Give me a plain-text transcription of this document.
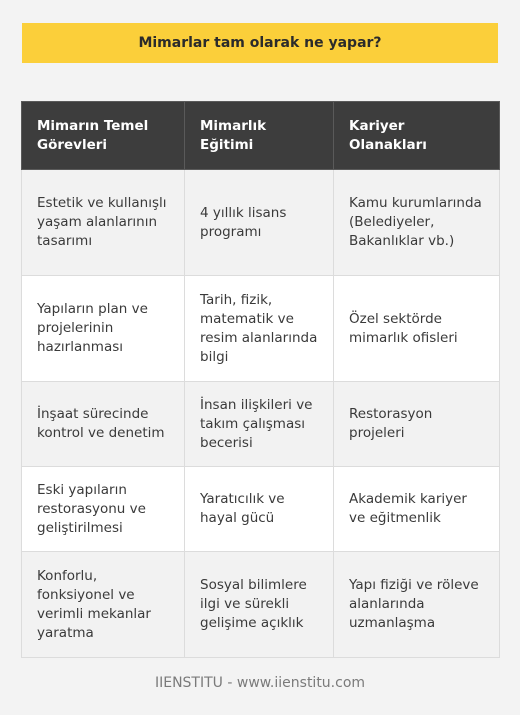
Mimarlar tam olarak ne yapar?
Mimarın Temel Görevleri	Mimarlık Eğitimi	Kariyer Olanakları
Estetik ve kullanışlı yaşam alanlarının tasarımı	4 yıllık lisans programı	Kamu kurumlarında (Belediyeler, Bakanlıklar vb.)
Yapıların plan ve projelerinin hazırlanması	Tarih, fizik, matematik ve resim alanlarında bilgi	Özel sektörde mimarlık ofisleri
İnşaat sürecinde kontrol ve denetim	İnsan ilişkileri ve takım çalışması becerisi	Restorasyon projeleri
Eski yapıların restorasyonu ve geliştirilmesi	Yaratıcılık ve hayal gücü	Akademik kariyer ve eğitmenlik
Konforlu, fonksiyonel ve verimli mekanlar yaratma	Sosyal bilimlere ilgi ve sürekli gelişime açıklık	Yapı fiziği ve röleve alanlarında uzmanlaşma
IIENSTITU - www.iienstitu.com
